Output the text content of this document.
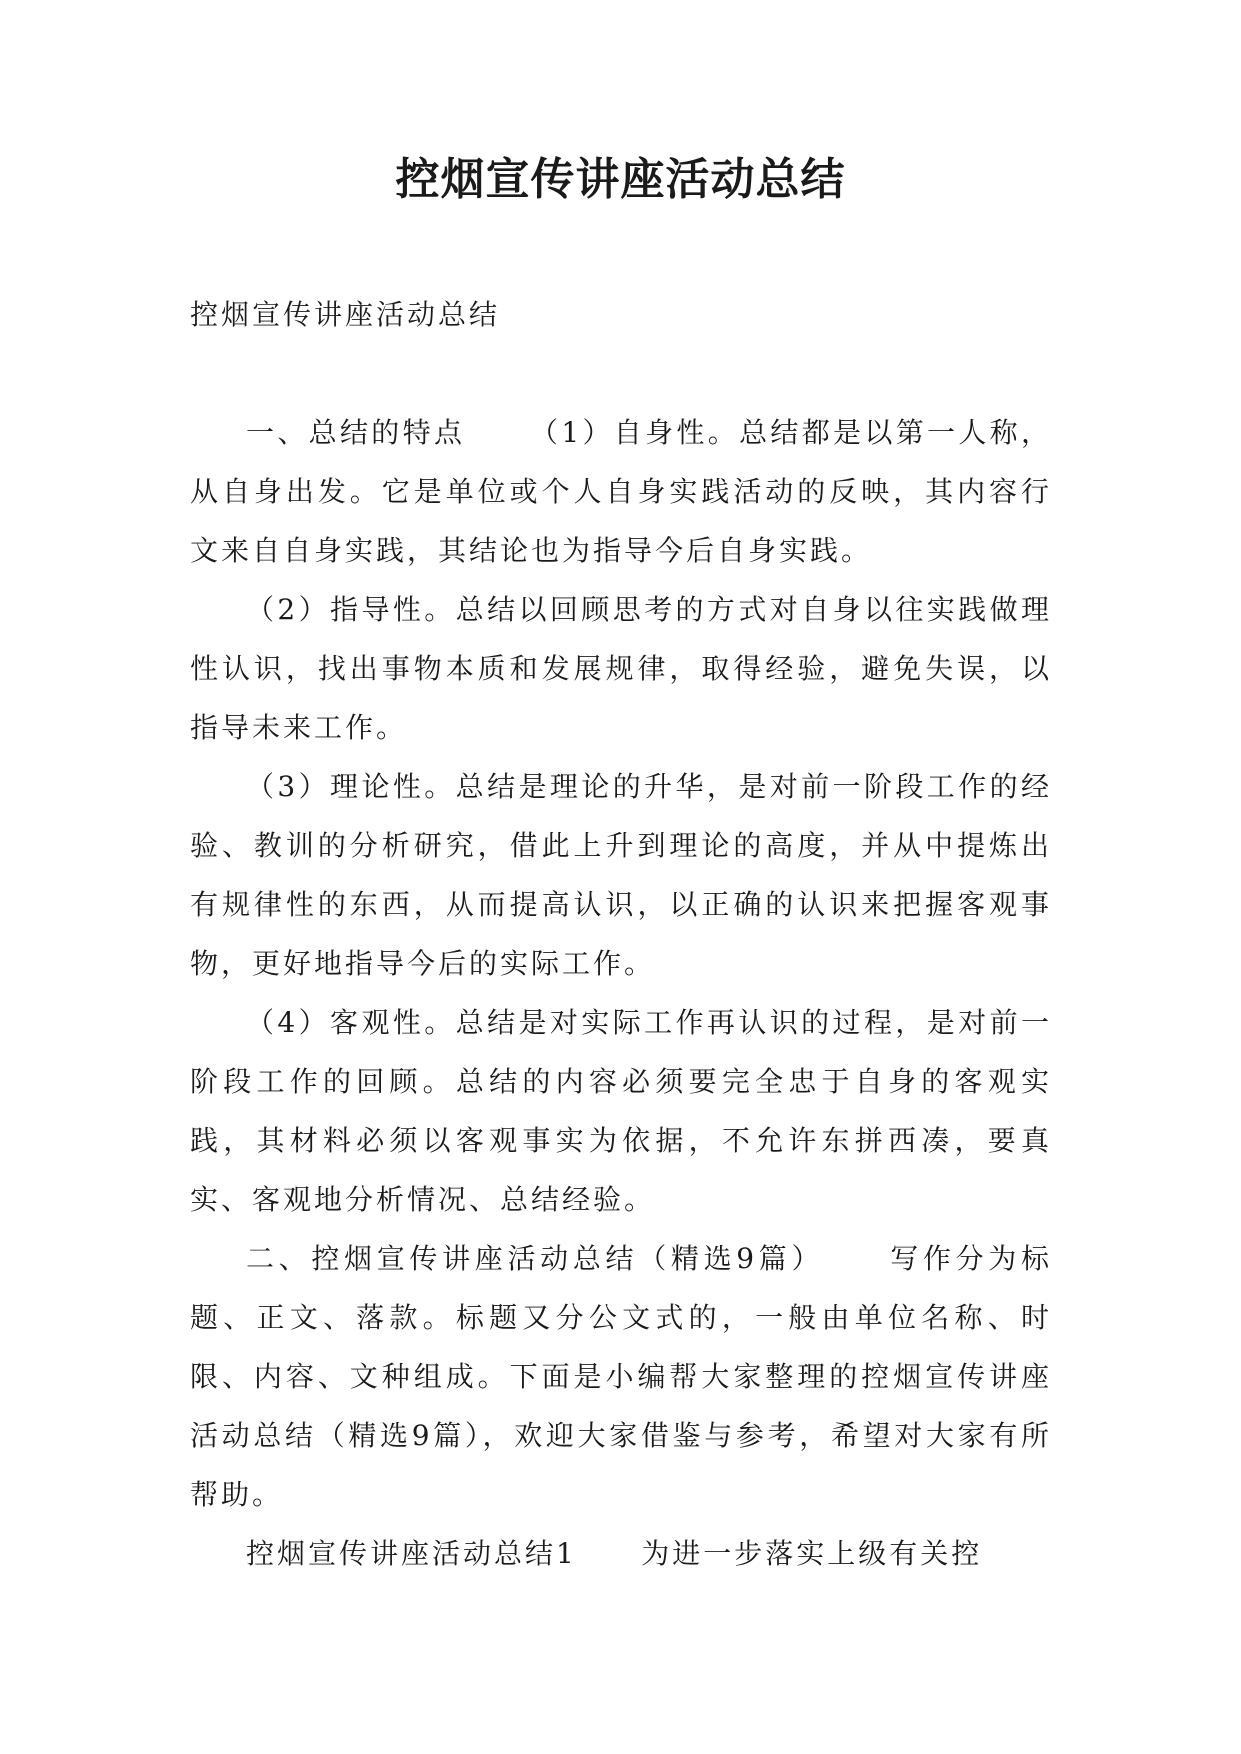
控烟宣传讲座活动总结

控烟宣传讲座活动总结

一、总结的特点 （1）自身性。总结都是以第一人称，从自身出发。它是单位或个人自身实践活动的反映，其内容行文来自自身实践，其结论也为指导今后自身实践。

（2）指导性。总结以回顾思考的方式对自身以往实践做理性认识，找出事物本质和发展规律，取得经验，避免失误，以指导未来工作。

（3）理论性。总结是理论的升华，是对前一阶段工作的经验、教训的分析研究，借此上升到理论的高度，并从中提炼出有规律性的东西，从而提高认识，以正确的认识来把握客观事物，更好地指导今后的实际工作。

（4）客观性。总结是对实际工作再认识的过程，是对前一阶段工作的回顾。总结的内容必须要完全忠于自身的客观实践，其材料必须以客观事实为依据，不允许东拼西凑，要真实、客观地分析情况、总结经验。

二、控烟宣传讲座活动总结（精选9篇） 写作分为标题、正文、落款。标题又分公文式的，一般由单位名称、时限、内容、文种组成。下面是小编帮大家整理的控烟宣传讲座活动总结（精选9篇），欢迎大家借鉴与参考，希望对大家有所帮助。

控烟宣传讲座活动总结1 为进一步落实上级有关控
